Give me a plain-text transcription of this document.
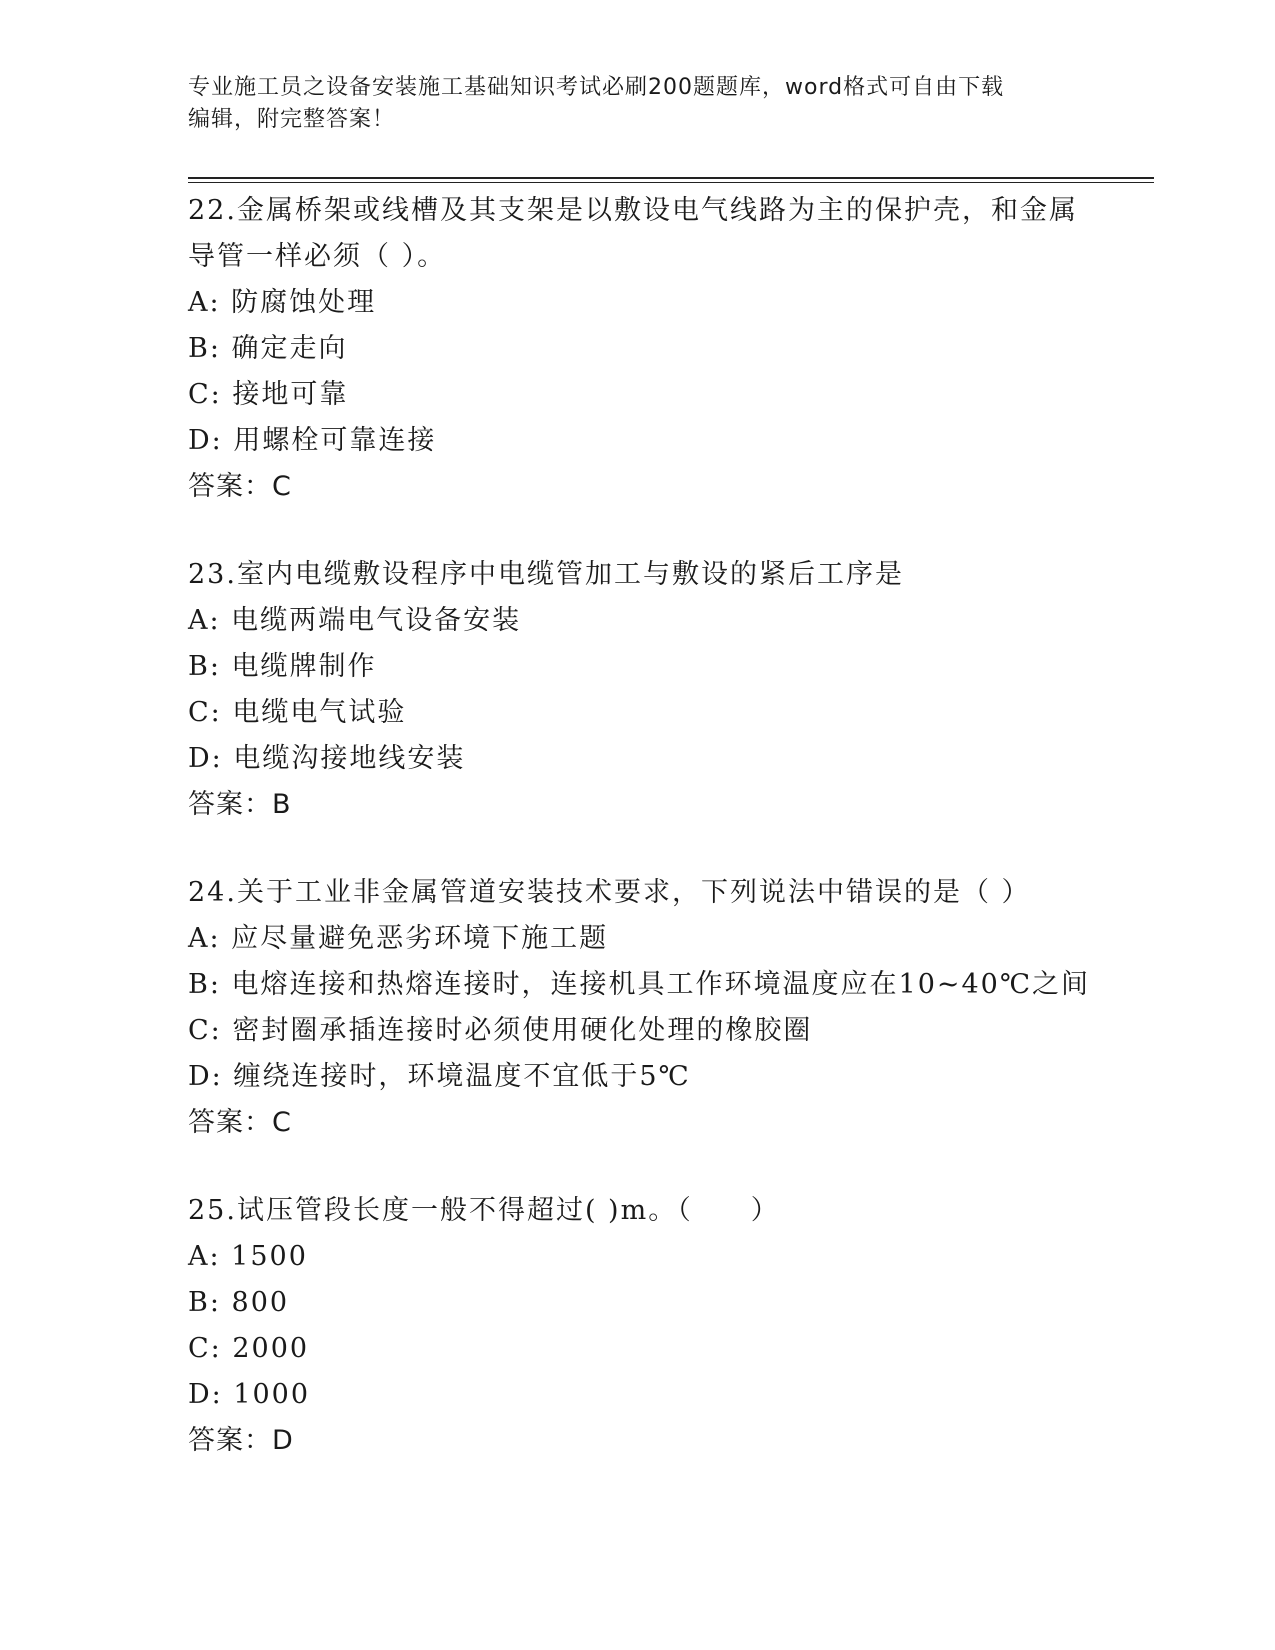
专业施工员之设备安装施工基础知识考试必刷200题题库，word格式可自由下载
编辑，附完整答案！
22.金属桥架或线槽及其支架是以敷设电气线路为主的保护壳，和金属
导管一样必须（ ）。
A: 防腐蚀处理
B: 确定走向
C: 接地可靠
D: 用螺栓可靠连接
答案：C
23.室内电缆敷设程序中电缆管加工与敷设的紧后工序是
A: 电缆两端电气设备安装
B: 电缆牌制作
C: 电缆电气试验
D: 电缆沟接地线安装
答案：B
24.关于工业非金属管道安装技术要求，下列说法中错误的是（ ）
A: 应尽量避免恶劣环境下施工题
B: 电熔连接和热熔连接时，连接机具工作环境温度应在10~40℃之间
C: 密封圈承插连接时必须使用硬化处理的橡胶圈
D: 缠绕连接时，环境温度不宜低于5℃
答案：C
25.试压管段长度一般不得超过( )m。（　　）
A: 1500
B: 800
C: 2000
D: 1000
答案：D
